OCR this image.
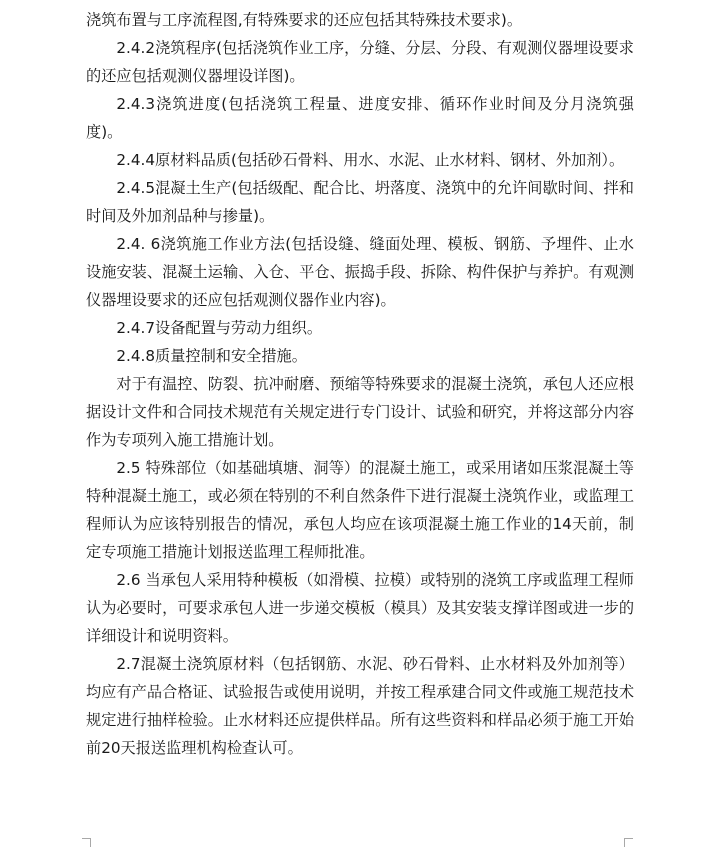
浇筑布置与工序流程图,有特殊要求的还应包括其特殊技术要求)。

2.4.2浇筑程序(包括浇筑作业工序，分缝、分层、分段、有观测仪器埋设要求的还应包括观测仪器埋设详图)。

2.4.3浇筑进度(包括浇筑工程量、进度安排、循环作业时间及分月浇筑强度)。

2.4.4原材料品质(包括砂石骨料、用水、水泥、止水材料、钢材、外加剂）。

2.4.5混凝土生产(包括级配、配合比、坍落度、浇筑中的允许间歇时间、拌和时间及外加剂品种与掺量)。

2.4. 6浇筑施工作业方法(包括设缝、缝面处理、模板、钢筋、予埋件、止水设施安装、混凝土运输、入仓、平仓、振捣手段、拆除、构件保护与养护。有观测仪器埋设要求的还应包括观测仪器作业内容)。

2.4.7设备配置与劳动力组织。

2.4.8质量控制和安全措施。

对于有温控、防裂、抗冲耐磨、预缩等特殊要求的混凝土浇筑，承包人还应根据设计文件和合同技术规范有关规定进行专门设计、试验和研究，并将这部分内容作为专项列入施工措施计划。

2.5 特殊部位（如基础填塘、洞等）的混凝土施工，或采用诸如压浆混凝土等特种混凝土施工，或必须在特别的不利自然条件下进行混凝土浇筑作业，或监理工程师认为应该特别报告的情况，承包人均应在该项混凝土施工作业的14天前，制定专项施工措施计划报送监理工程师批准。

2.6 当承包人采用特种模板（如滑模、拉模）或特别的浇筑工序或监理工程师认为必要时，可要求承包人进一步递交模板（模具）及其安装支撑详图或进一步的详细设计和说明资料。

2.7混凝土浇筑原材料（包括钢筋、水泥、砂石骨料、止水材料及外加剂等）均应有产品合格证、试验报告或使用说明，并按工程承建合同文件或施工规范技术规定进行抽样检验。止水材料还应提供样品。所有这些资料和样品必须于施工开始前20天报送监理机构检查认可。
